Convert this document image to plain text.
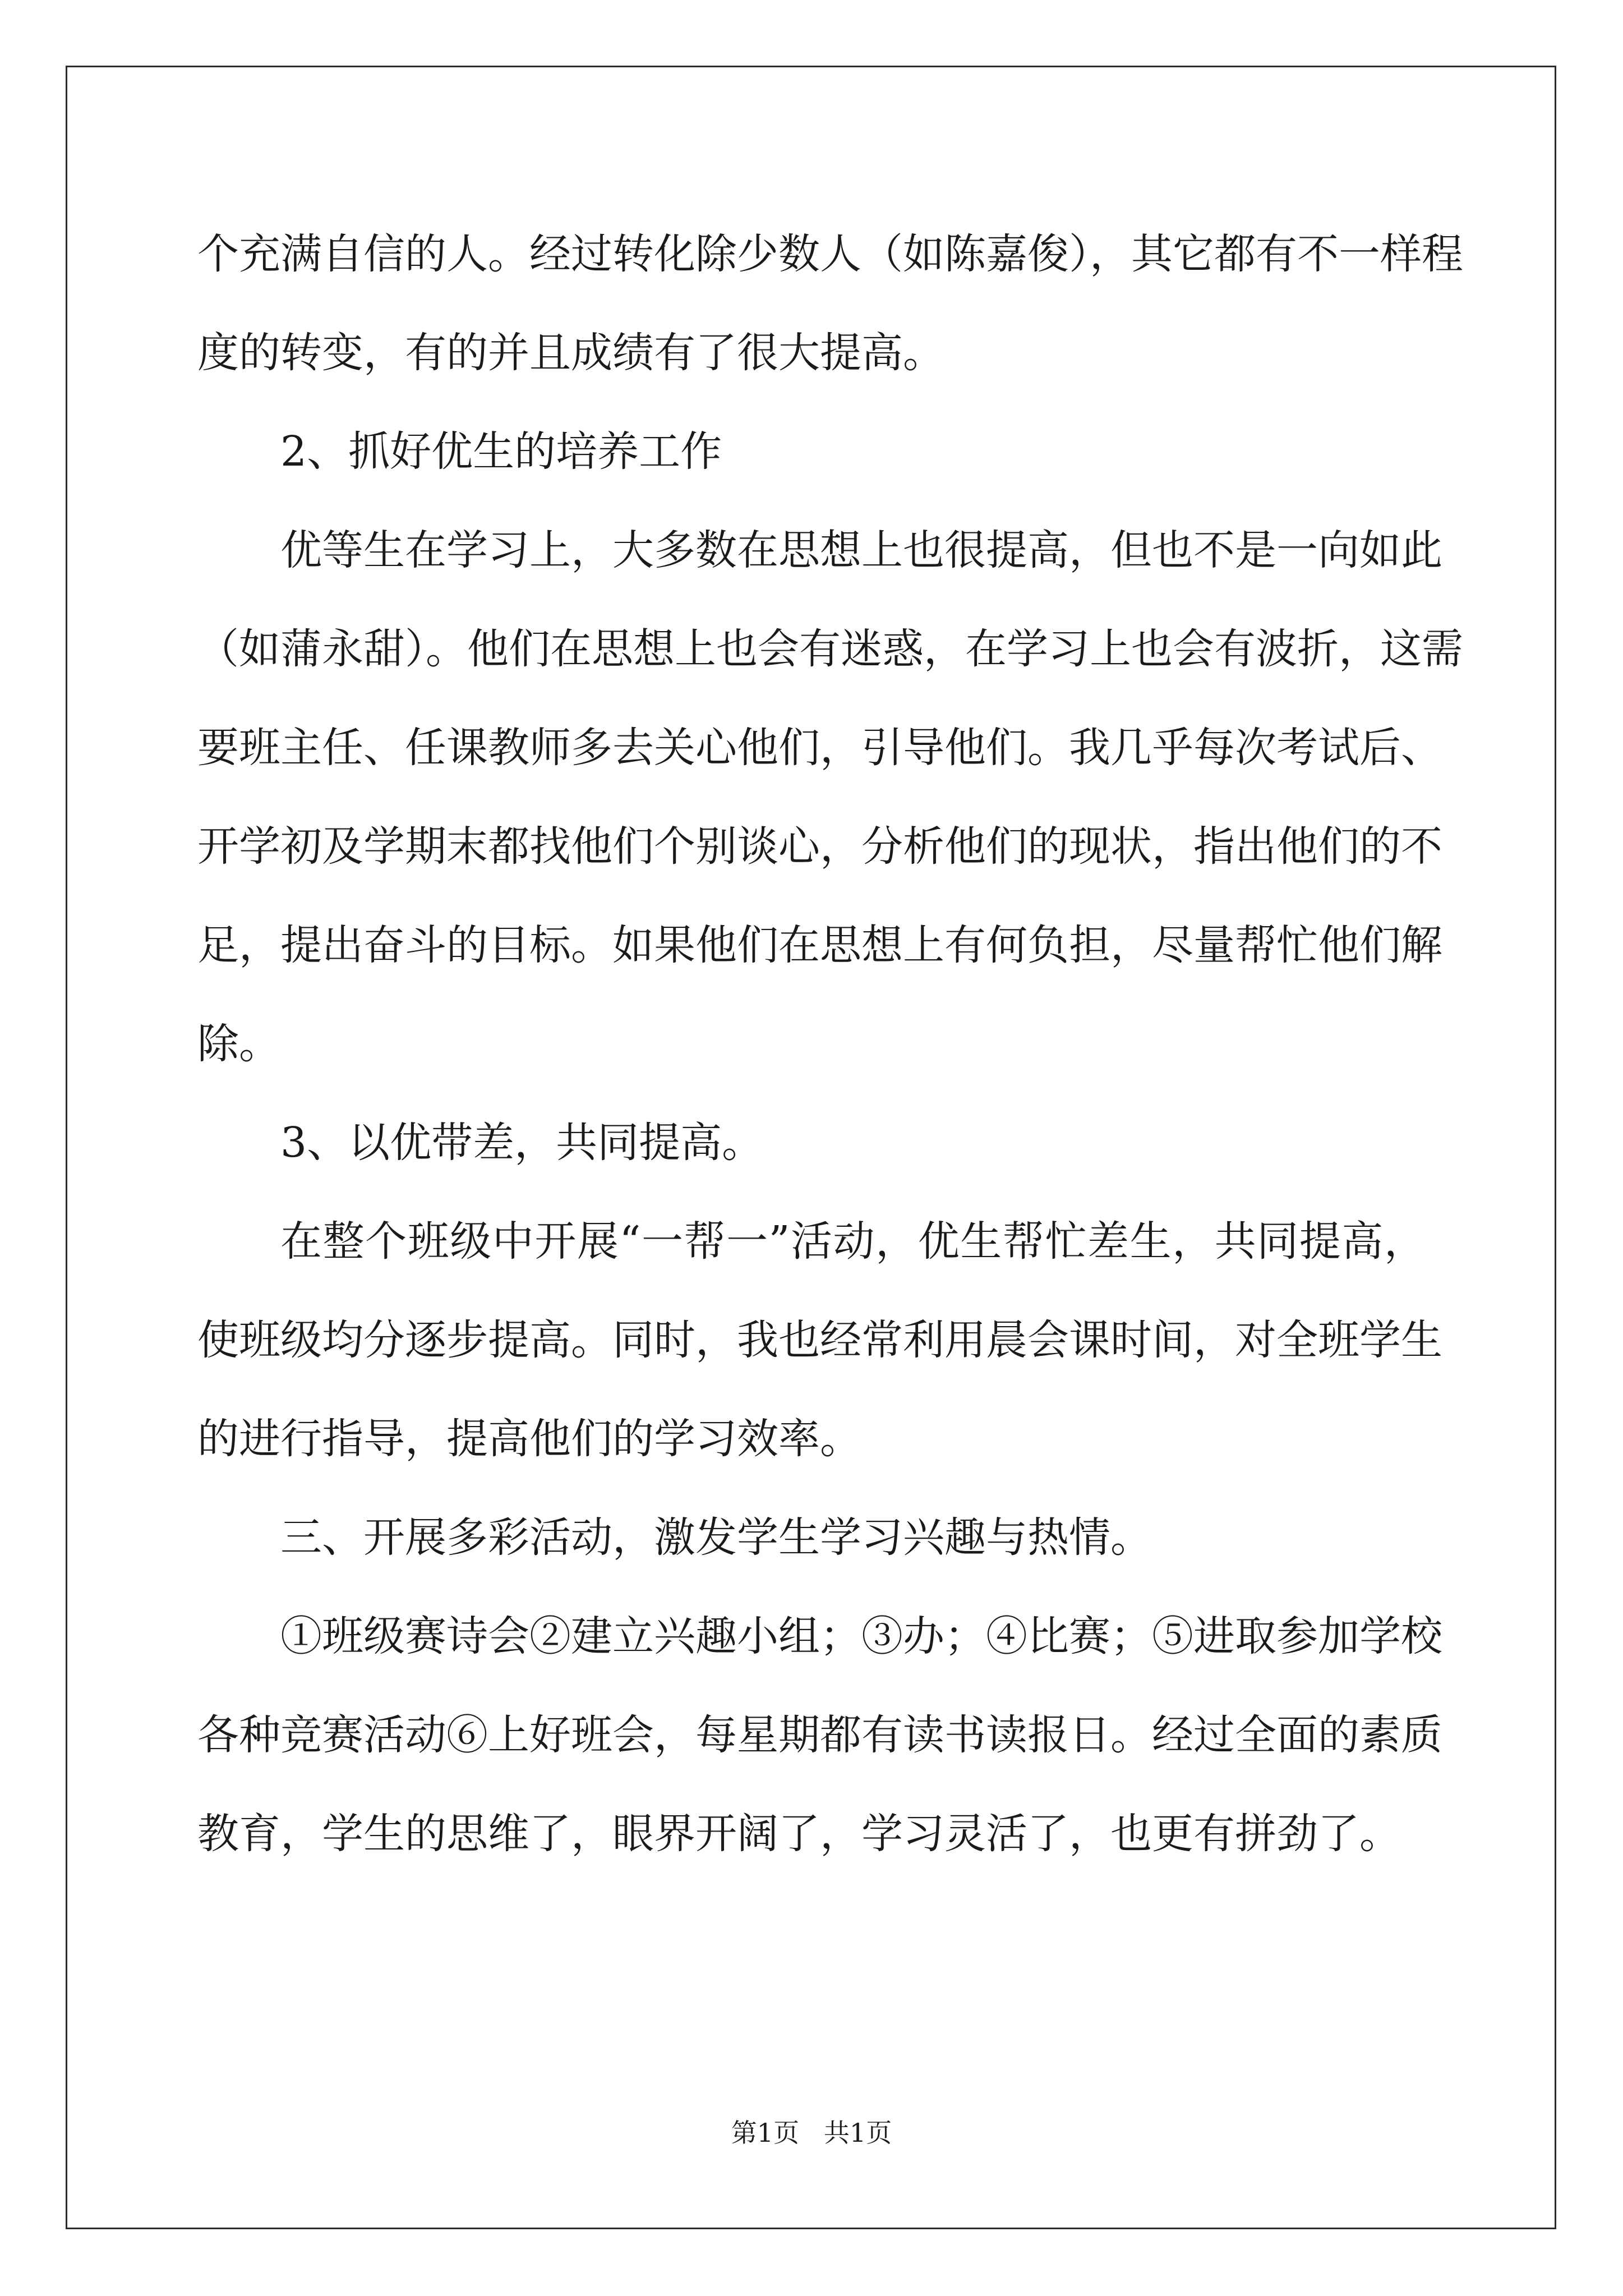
个充满自信的人。经过转化除少数人（如陈嘉俊），其它都有不一样程
度的转变，有的并且成绩有了很大提高。
2、抓好优生的培养工作
优等生在学习上，大多数在思想上也很提高，但也不是一向如此
（如蒲永甜）。他们在思想上也会有迷惑，在学习上也会有波折，这需
要班主任、任课教师多去关心他们，引导他们。我几乎每次考试后、
开学初及学期末都找他们个别谈心，分析他们的现状，指出他们的不
足，提出奋斗的目标。如果他们在思想上有何负担，尽量帮忙他们解
除。
3、以优带差，共同提高。
在整个班级中开展“一帮一”活动，优生帮忙差生，共同提高，
使班级均分逐步提高。同时，我也经常利用晨会课时间，对全班学生
的进行指导，提高他们的学习效率。
三、开展多彩活动，激发学生学习兴趣与热情。
①班级赛诗会②建立兴趣小组；③办；④比赛；⑤进取参加学校
各种竞赛活动⑥上好班会，每星期都有读书读报日。经过全面的素质
教育，学生的思维了，眼界开阔了，学习灵活了，也更有拼劲了。
第1页   共1页
